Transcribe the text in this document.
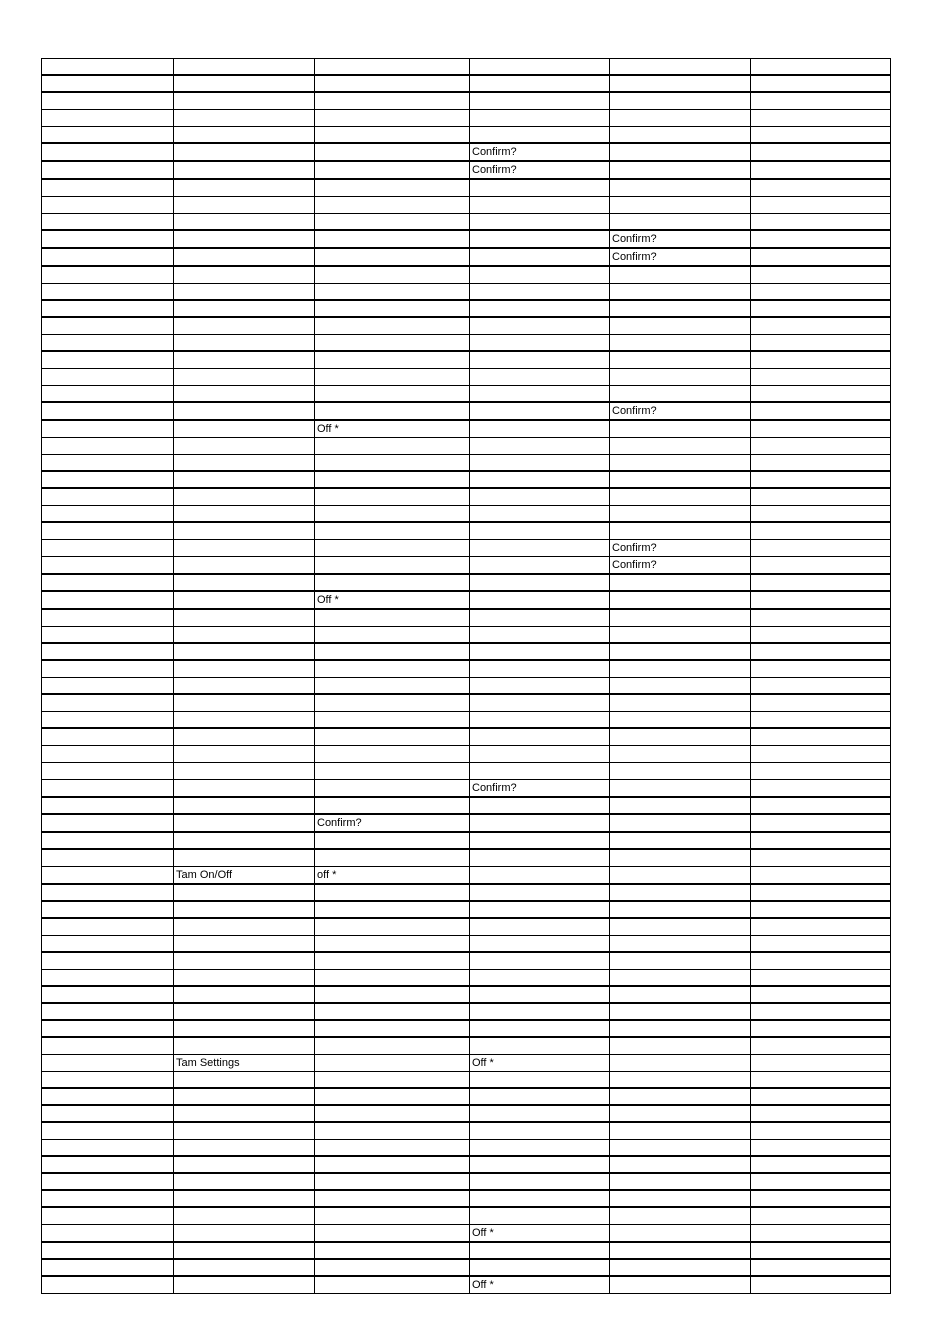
			Confirm?		
			Confirm?		

				Confirm?	
				Confirm?	

				Confirm?	
		Off *			

				Confirm?	
				Confirm?	

		Off *			

			Confirm?		

		Confirm?			

	Tam On/Off	off *			

	Tam Settings		Off *		

			Off *		

			Off *		
